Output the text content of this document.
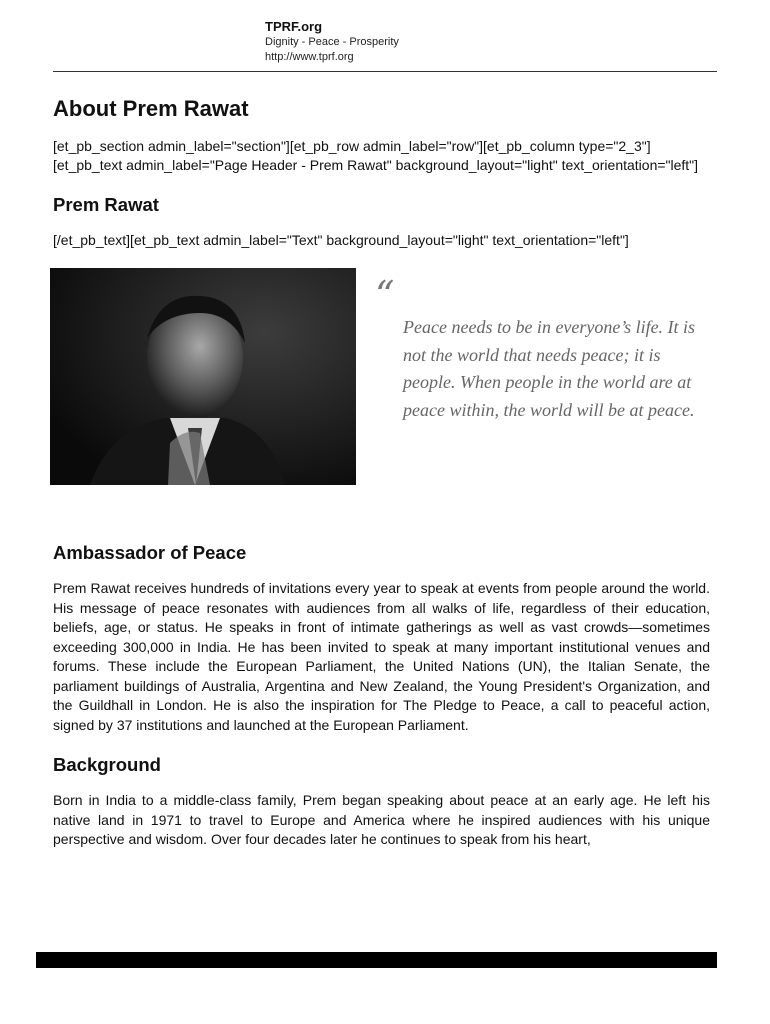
TPRF.org

Dignity - Peace - Prosperity

http://www.tprf.org

About Prem Rawat

[et_pb_section admin_label="section"][et_pb_row admin_label="row"][et_pb_column type="2_3"][et_pb_text admin_label="Page Header - Prem Rawat" background_layout="light" text_orientation="left"]

Prem Rawat

[/et_pb_text][et_pb_text admin_label="Text" background_layout="light" text_orientation="left"]

“

Peace needs to be in everyone’s life. It is not the world that needs peace; it is people. When people in the world are at peace within, the world will be at peace.

Ambassador of Peace

Prem Rawat receives hundreds of invitations every year to speak at events from people around the world. His message of peace resonates with audiences from all walks of life, regardless of their education, beliefs, age, or status. He speaks in front of intimate gatherings as well as vast crowds—sometimes exceeding 300,000 in India. He has been invited to speak at many important institutional venues and forums. These include the European Parliament, the United Nations (UN), the Italian Senate, the parliament buildings of Australia, Argentina and New Zealand, the Young President's Organization, and the Guildhall in London. He is also the inspiration for The Pledge to Peace, a call to peaceful action, signed by 37 institutions and launched at the European Parliament.

Background

Born in India to a middle-class family, Prem began speaking about peace at an early age. He left his native land in 1971 to travel to Europe and America where he inspired audiences with his unique perspective and wisdom. Over four decades later he continues to speak from his heart,
